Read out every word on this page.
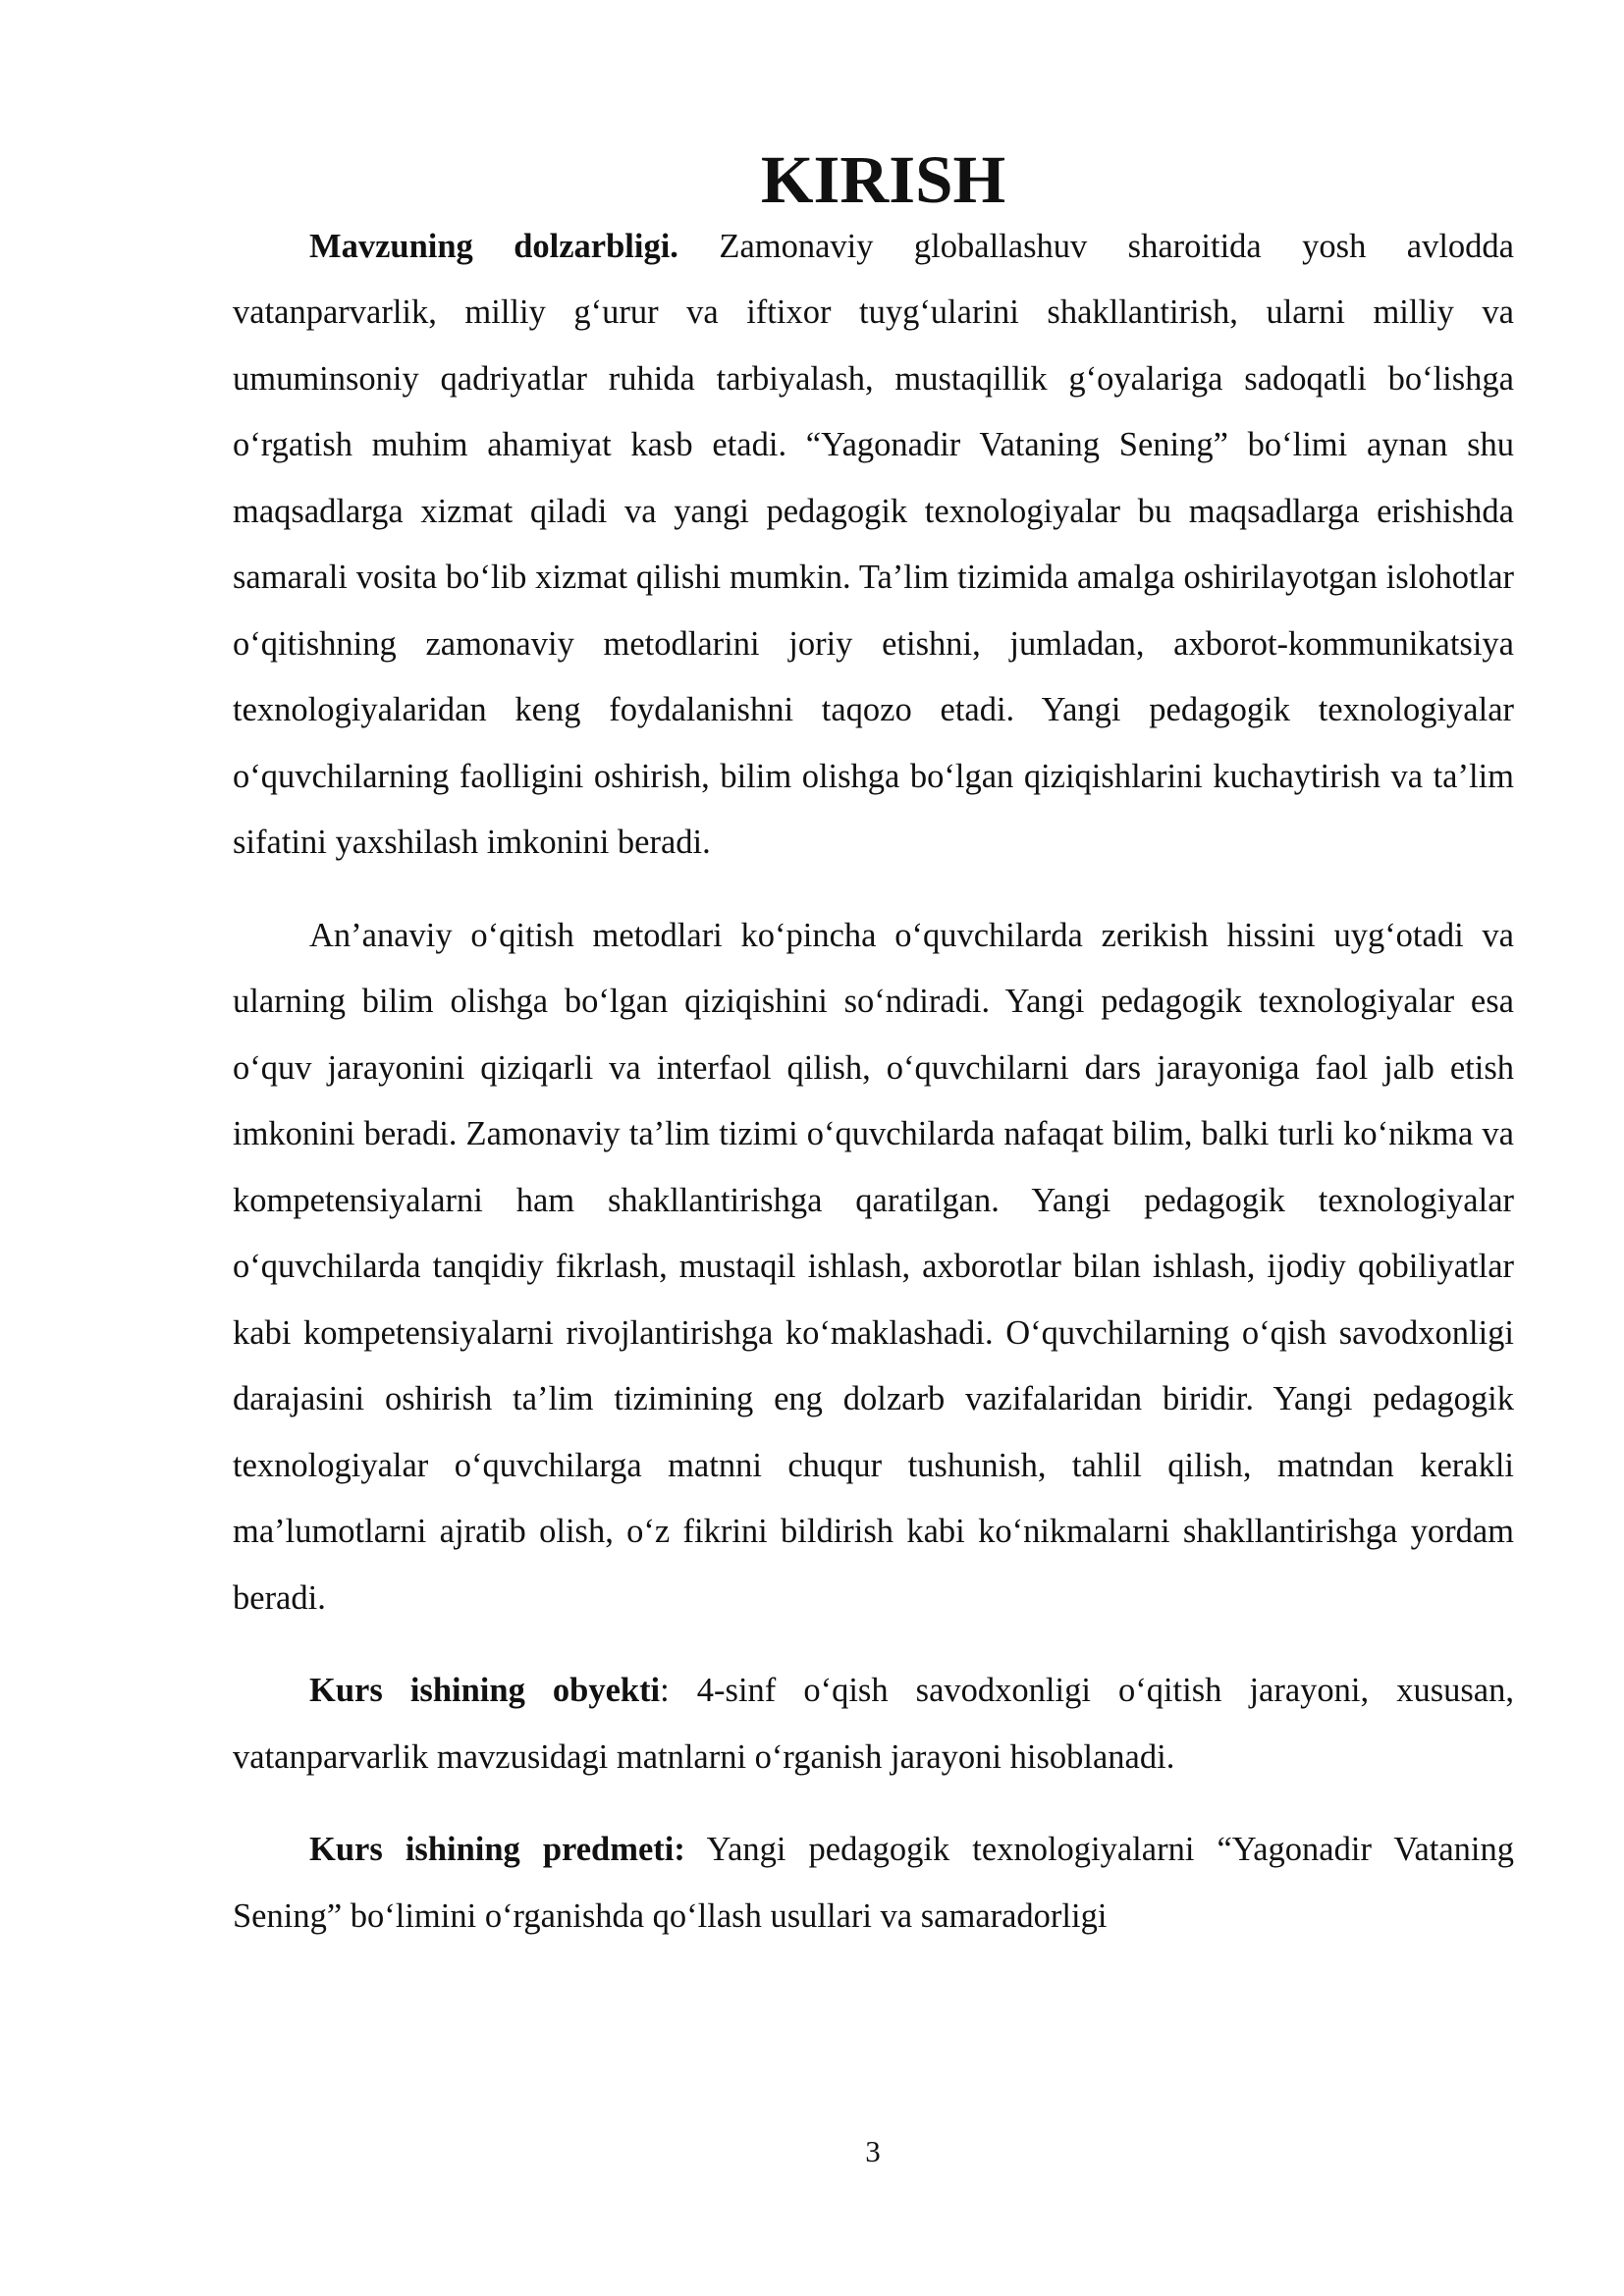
KIRISH

Mavzuning dolzarbligi. Zamonaviy globallashuv sharoitida yosh avlodda vatanparvarlik, milliy g‘urur va iftixor tuyg‘ularini shakllantirish, ularni milliy va umuminsoniy qadriyatlar ruhida tarbiyalash, mustaqillik g‘oyalariga sadoqatli bo‘lishga o‘rgatish muhim ahamiyat kasb etadi. “Yagonadir Vataning Sening” bo‘limi aynan shu maqsadlarga xizmat qiladi va yangi pedagogik texnologiyalar bu maqsadlarga erishishda samarali vosita bo‘lib xizmat qilishi mumkin. Ta’lim tizimida amalga oshirilayotgan islohotlar o‘qitishning zamonaviy metodlarini joriy etishni, jumladan, axborot-kommunikatsiya texnologiyalaridan keng foydalanishni taqozo etadi. Yangi pedagogik texnologiyalar o‘quvchilarning faolligini oshirish, bilim olishga bo‘lgan qiziqishlarini kuchaytirish va ta’lim sifatini yaxshilash imkonini beradi.

An’anaviy o‘qitish metodlari ko‘pincha o‘quvchilarda zerikish hissini uyg‘otadi va ularning bilim olishga bo‘lgan qiziqishini so‘ndiradi. Yangi pedagogik texnologiyalar esa o‘quv jarayonini qiziqarli va interfaol qilish, o‘quvchilarni dars jarayoniga faol jalb etish imkonini beradi. Zamonaviy ta’lim tizimi o‘quvchilarda nafaqat bilim, balki turli ko‘nikma va kompetensiyalarni ham shakllantirishga qaratilgan. Yangi pedagogik texnologiyalar o‘quvchilarda tanqidiy fikrlash, mustaqil ishlash, axborotlar bilan ishlash, ijodiy qobiliyatlar kabi kompetensiyalarni rivojlantirishga ko‘maklashadi. O‘quvchilarning o‘qish savodxonligi darajasini oshirish ta’lim tizimining eng dolzarb vazifalaridan biridir. Yangi pedagogik texnologiyalar o‘quvchilarga matnni chuqur tushunish, tahlil qilish, matndan kerakli ma’lumotlarni ajratib olish, o‘z fikrini bildirish kabi ko‘nikmalarni shakllantirishga yordam beradi.

Kurs ishining obyekti: 4-sinf o‘qish savodxonligi o‘qitish jarayoni, xususan, vatanparvarlik mavzusidagi matnlarni o‘rganish jarayoni hisoblanadi.

Kurs ishining predmeti: Yangi pedagogik texnologiyalarni “Yagonadir Vataning Sening” bo‘limini o‘rganishda qo‘llash usullari va samaradorligi

3
